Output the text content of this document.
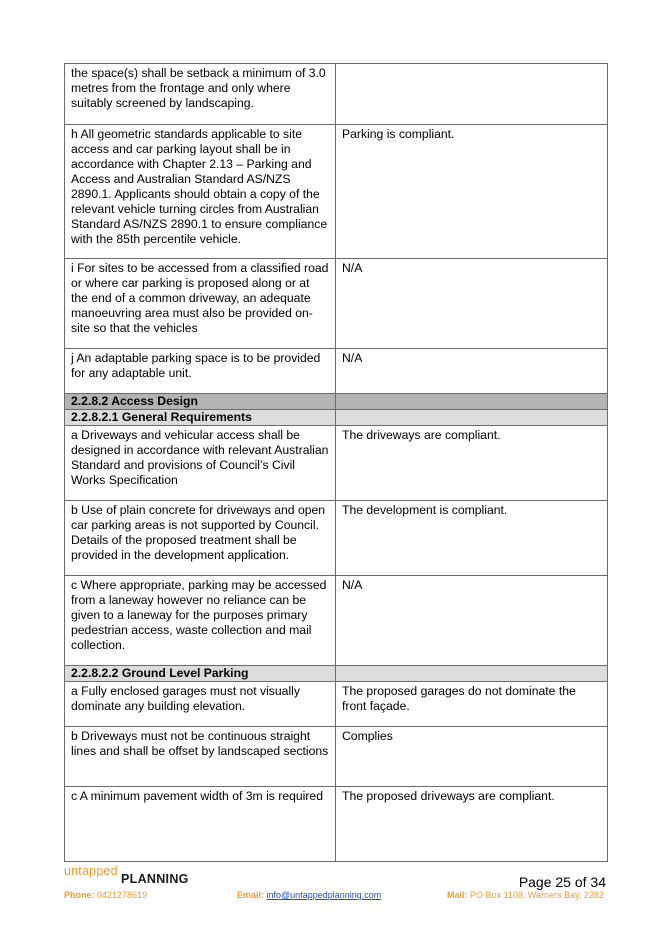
the space(s) shall be setback a minimum of 3.0 metres from the frontage and only where suitably screened by landscaping.	
h All geometric standards applicable to site access and car parking layout shall be in accordance with Chapter 2.13 – Parking and Access and Australian Standard AS/NZS 2890.1. Applicants should obtain a copy of the relevant vehicle turning circles from Australian Standard AS/NZS 2890.1 to ensure compliance with the 85th percentile vehicle.	Parking is compliant.
i For sites to be accessed from a classified road or where car parking is proposed along or at the end of a common driveway, an adequate manoeuvring area must also be provided on-site so that the vehicles	N/A
j An adaptable parking space is to be provided for any adaptable unit.	N/A
2.2.8.2 Access Design	
2.2.8.2.1 General Requirements	
a Driveways and vehicular access shall be designed in accordance with relevant Australian Standard and provisions of Council’s Civil Works Specification	The driveways are compliant.
b Use of plain concrete for driveways and open car parking areas is not supported by Council. Details of the proposed treatment shall be provided in the development application.	The development is compliant.
c Where appropriate, parking may be accessed from a laneway however no reliance can be given to a laneway for the purposes primary pedestrian access, waste collection and mail collection.	N/A
2.2.8.2.2 Ground Level Parking	
a Fully enclosed garages must not visually dominate any building elevation.	The proposed garages do not dominate the front façade.
b Driveways must not be continuous straight lines and shall be offset by landscaped sections	Complies
c A minimum pavement width of 3m is required	The proposed driveways are compliant.
untapped
PLANNING	Page 25 of 34
Phone: 0421278619	Email: info@untappedplanning.com	Mail: PO Box 1108, Warners Bay, 2282
